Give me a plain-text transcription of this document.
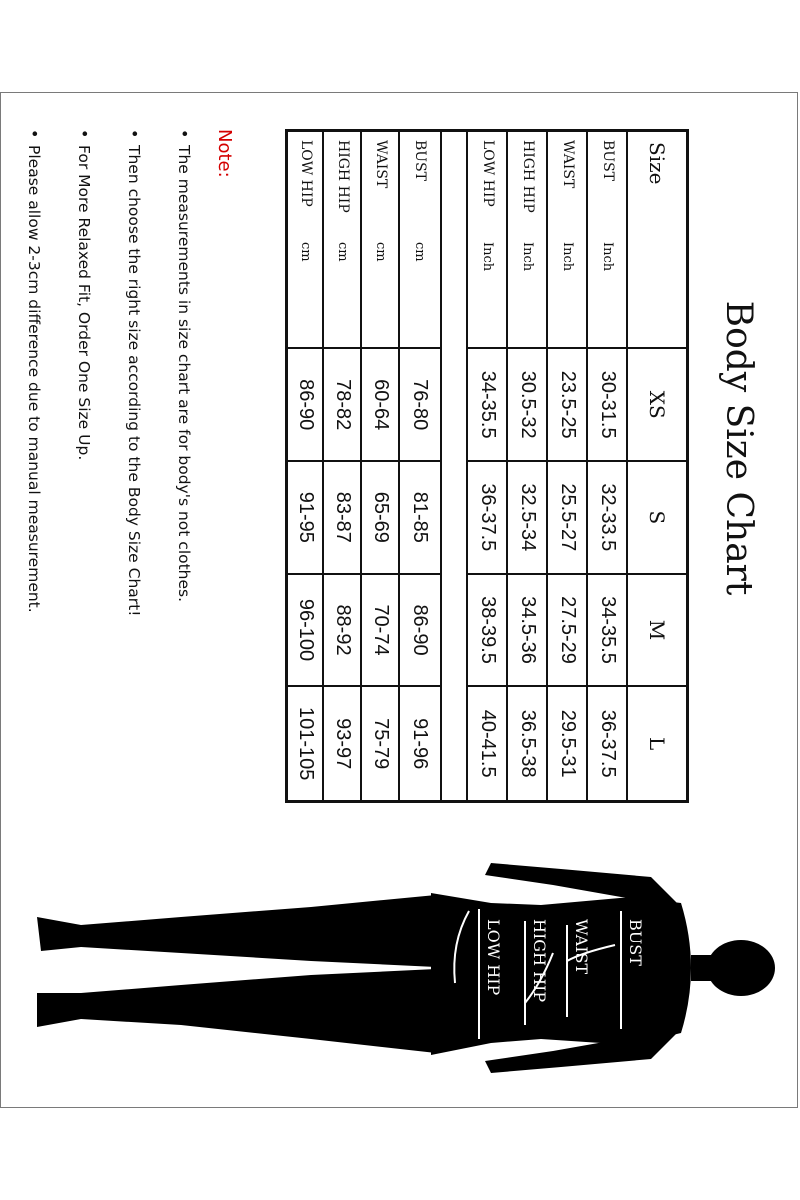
Body Size Chart
Size
XS
S
M
L
BUST
Inch
30-31.5
32-33.5
34-35.5
36-37.5
WAIST
Inch
23.5-25
25.5-27
27.5-29
29.5-31
HIGH HIP
Inch
30.5-32
32.5-34
34.5-36
36.5-38
LOW HIP
Inch
34-35.5
36-37.5
38-39.5
40-41.5
BUST
cm
76-80
81-85
86-90
91-96
WAIST
cm
60-64
65-69
70-74
75-79
HIGH HIP
cm
78-82
83-87
88-92
93-97
LOW HIP
cm
86-90
91-95
96-100
101-105
Note:
•The measurements in size chart are for body's not clothes.
•Then choose the right size according to the Body Size Chart!
•For More Relaxed Fit, Order One Size Up.
•Please allow 2-3cm difference due to manual measurement.
BUST
WAIST
HIGH HIP
LOW HIP
